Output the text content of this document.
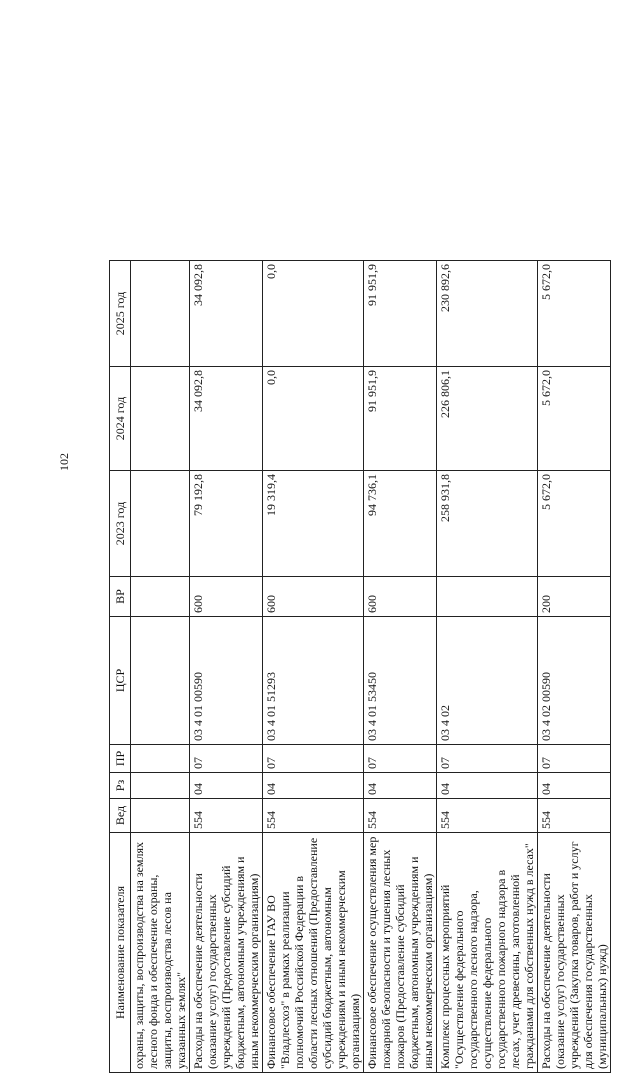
102
Наименование показателя	Вед	Рз	ПР	ЦСР	ВР	2023 год	2024 год	2025 год
охраны, защиты, воспроизводства на землях лесного фонда и обеспечение охраны, защиты, воспроизводства лесов на указанных землях"								
Расходы на обеспечение деятельности (оказание услуг) государственных учреждений (Предоставление субсидий бюджетным, автономным учреждениям и иным некоммерческим организациям)	554	04	07	03 4 01 00590	600	79 192,8	34 092,8	34 092,8
Финансовое обеспечение ГАУ ВО "Владлесхоз" в рамках реализации полномочий Российской Федерации в области лесных отношений (Предоставление субсидий бюджетным, автономным учреждениям и иным некоммерческим организациям)	554	04	07	03 4 01 51293	600	19 319,4	0,0	0,0
Финансовое обеспечение осуществления мер пожарной безопасности и тушения лесных пожаров (Предоставление субсидий бюджетным, автономным учреждениям и иным некоммерческим организациям)	554	04	07	03 4 01 53450	600	94 736,1	91 951,9	91 951,9
Комплекс процессных мероприятий "Осуществление федерального государственного лесного надзора, осуществление федерального государственного пожарного надзора в лесах, учет древесины, заготовленной гражданами для собственных нужд в лесах"	554	04	07	03 4 02		258 931,8	226 806,1	230 892,6
Расходы на обеспечение деятельности (оказание услуг) государственных учреждений (Закупка товаров, работ и услуг для обеспечения государственных (муниципальных) нужд)	554	04	07	03 4 02 00590	200	5 672,0	5 672,0	5 672,0
